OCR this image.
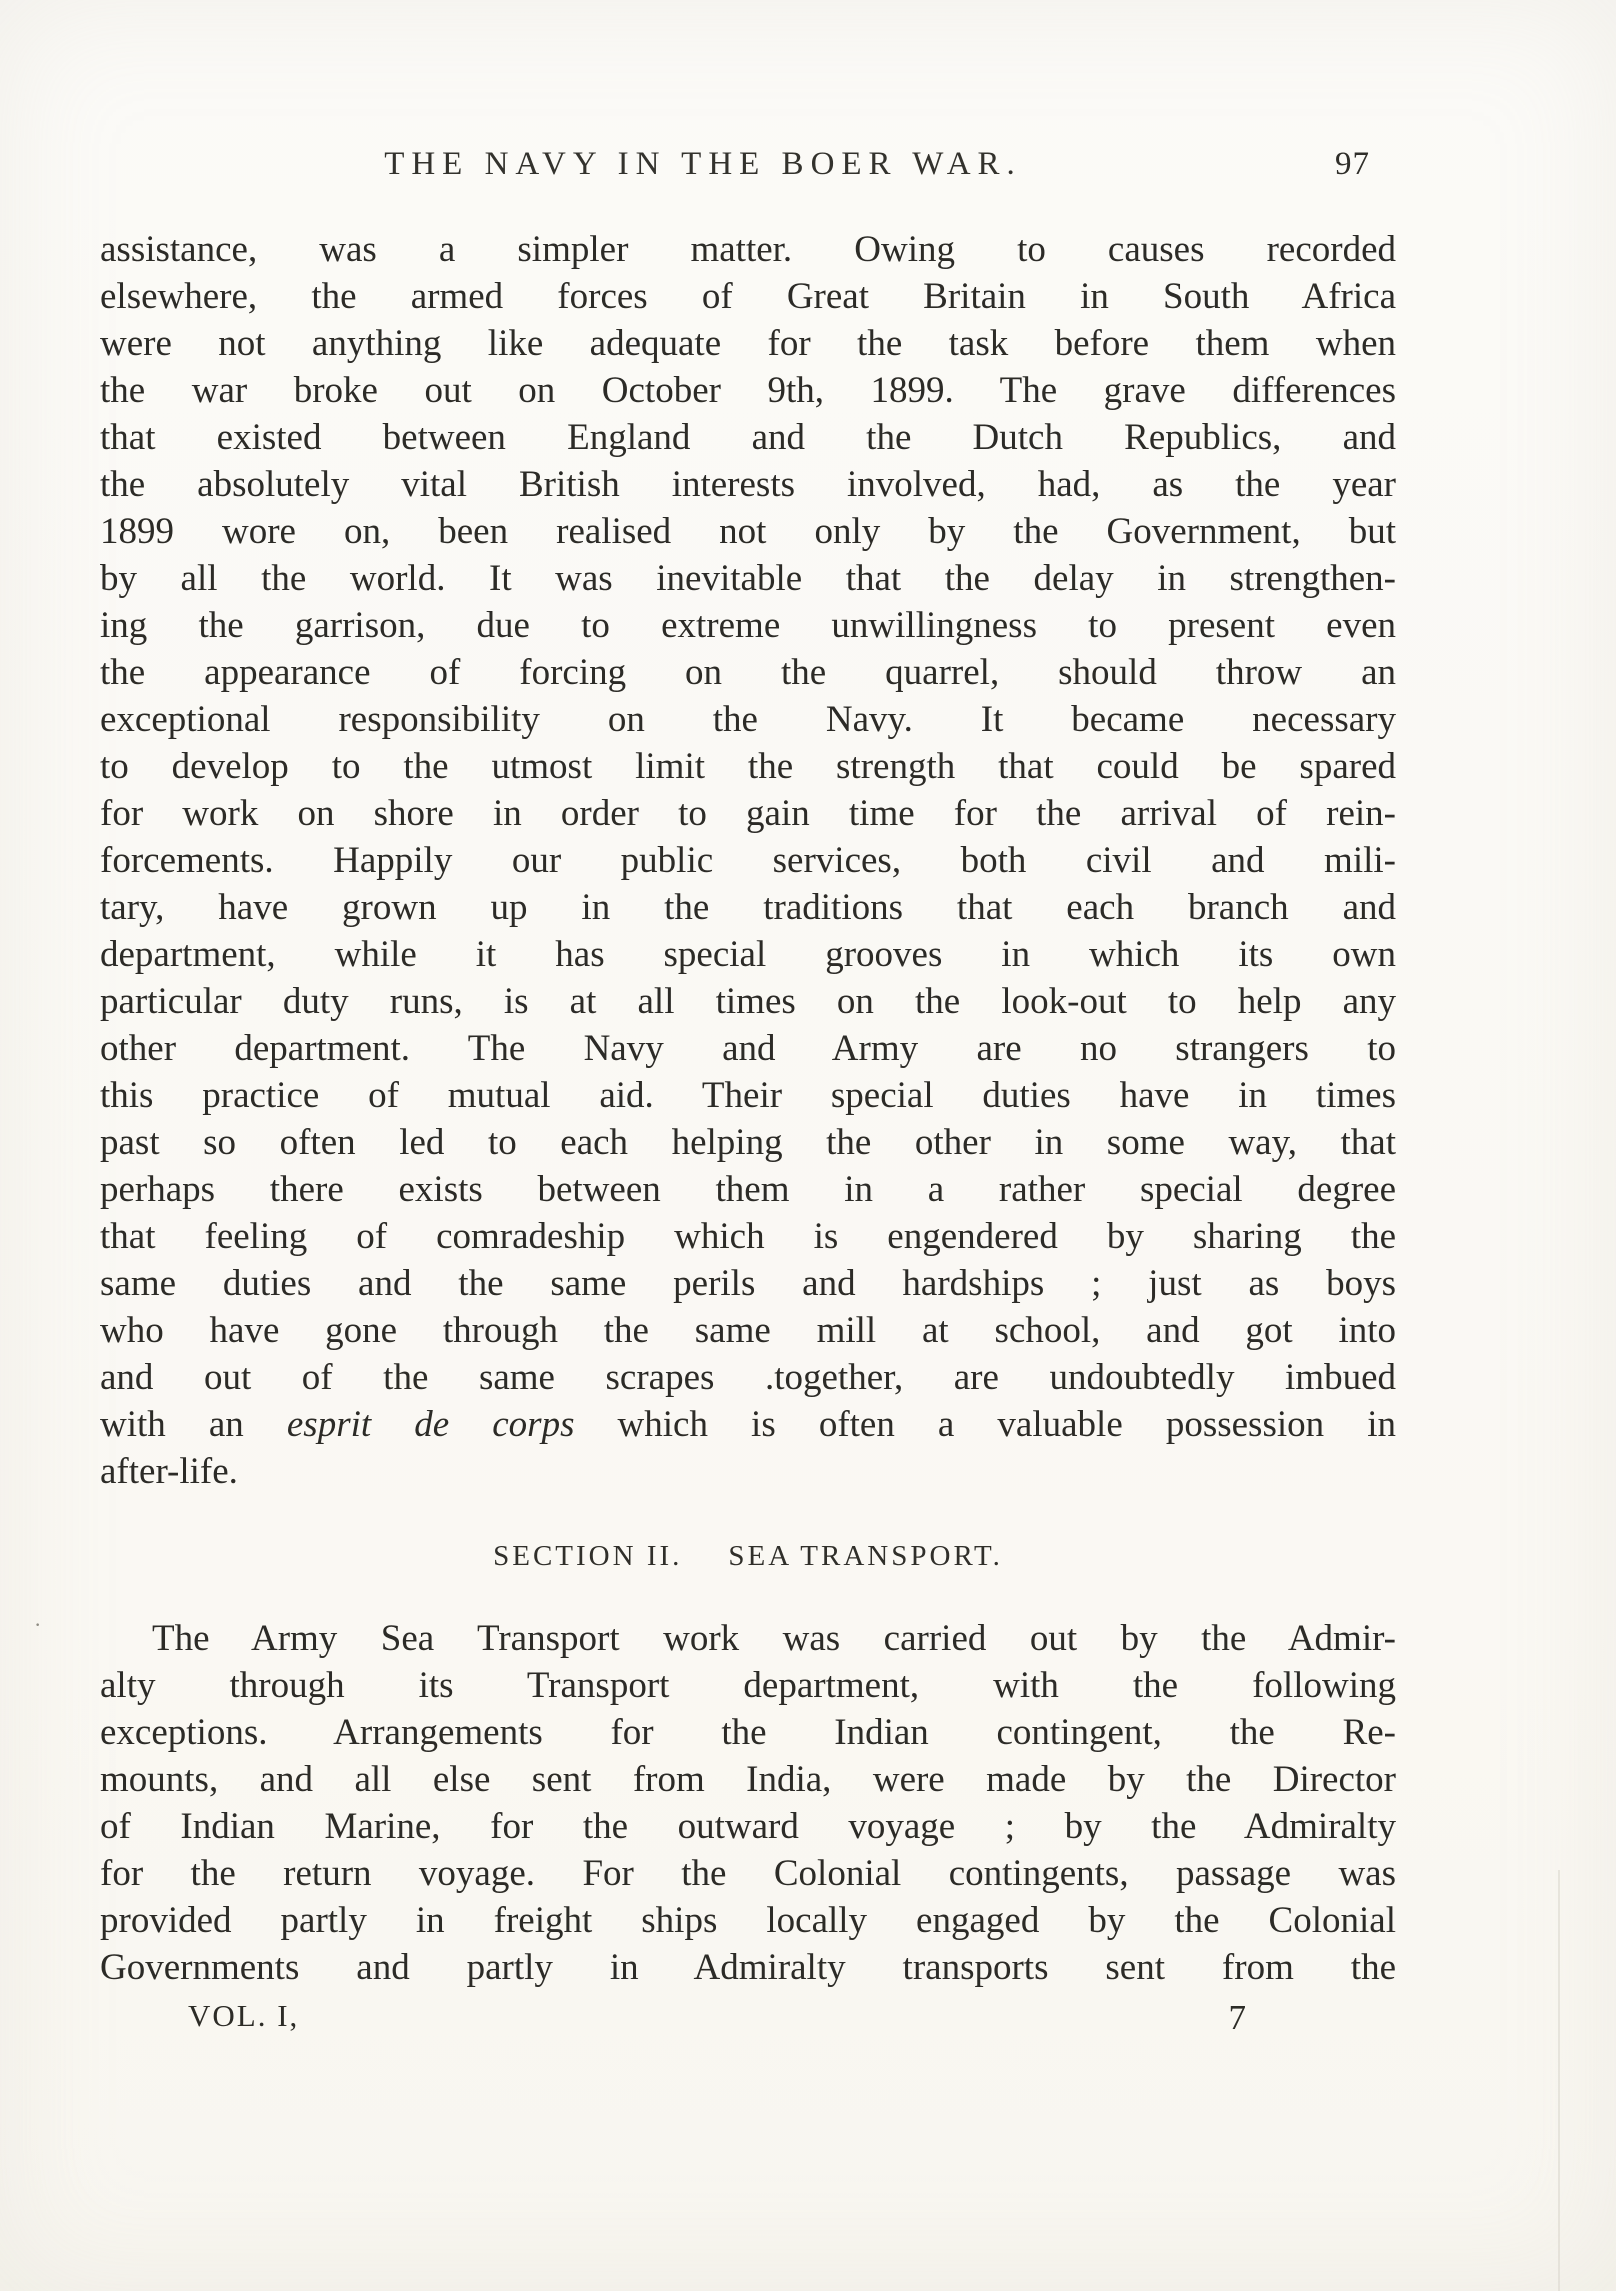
THE NAVY IN THE BOER WAR.	97
assistance, was a simpler matter. Owing to causes recorded
elsewhere, the armed forces of Great Britain in South Africa
were not anything like adequate for the task before them when
the war broke out on October 9th, 1899. The grave differences
that existed between England and the Dutch Republics, and
the absolutely vital British interests involved, had, as the year
1899 wore on, been realised not only by the Government, but
by all the world. It was inevitable that the delay in strengthen-
ing the garrison, due to extreme unwillingness to present even
the appearance of forcing on the quarrel, should throw an
exceptional responsibility on the Navy. It became necessary
to develop to the utmost limit the strength that could be spared
for work on shore in order to gain time for the arrival of rein-
forcements. Happily our public services, both civil and mili-
tary, have grown up in the traditions that each branch and
department, while it has special grooves in which its own
particular duty runs, is at all times on the look-out to help any
other department. The Navy and Army are no strangers to
this practice of mutual aid. Their special duties have in times
past so often led to each helping the other in some way, that
perhaps there exists between them in a rather special degree
that feeling of comradeship which is engendered by sharing the
same duties and the same perils and hardships ; just as boys
who have gone through the same mill at school, and got into
and out of the same scrapes .together, are undoubtedly imbued
with an esprit de corps which is often a valuable possession in
after-life.
SECTION II. SEA TRANSPORT.
The Army Sea Transport work was carried out by the Admir-
alty through its Transport department, with the following
exceptions. Arrangements for the Indian contingent, the Re-
mounts, and all else sent from India, were made by the Director
of Indian Marine, for the outward voyage ; by the Admiralty
for the return voyage. For the Colonial contingents, passage was
provided partly in freight ships locally engaged by the Colonial
Governments and partly in Admiralty transports sent from the
VOL. I,	7
·
